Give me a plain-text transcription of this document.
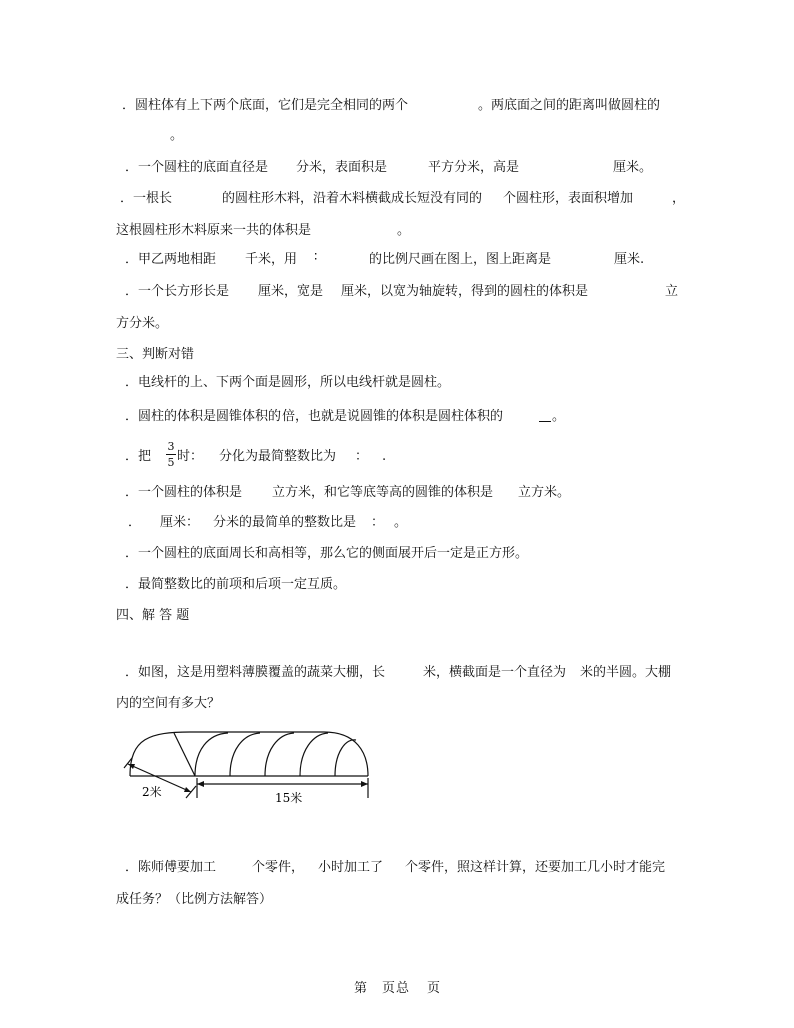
．圆柱体有上下两个底面，它们是完全相同的两个	。两底面之间的距离叫做圆柱的
。
．一个圆柱的底面直径是 分米，表面积是	平方分米，高是	厘米。
．一根长	的圆柱形木料，沿着木料横截成长短没有同的 个圆柱形，表面积增加	，
这根圆柱形木料原来一共的体积是	。
．甲乙两地相距 千米，用 ∶	的比例尺画在图上，图上距离是	厘米.
．一个长方形长是 厘米，宽是 厘米，以宽为轴旋转，得到的圆柱的体积是	立
方分米。
三、判断对错
．电线杆的上、下两个面是圆形，所以电线杆就是圆柱。
．圆柱的体积是圆锥体积的 倍，也就是说圆锥的体积是圆柱体积的	。
．把
3
5 时： 分化为最简整数比为 ： .
．一个圆柱的体积是 立方米，和它等底等高的圆锥的体积是 立方米。
． 厘米： 分米的最简单的整数比是 ： 。
．一个圆柱的底面周长和高相等，那么它的侧面展开后一定是正方形。
．最简整数比的前项和后项一定互质。
四、解 答 题
．如图，这是用塑料薄膜覆盖的蔬菜大棚，长	米，横截面是一个直径为 米的半圆。大棚
内的空间有多大？
2米	15米
．陈师傅要加工	个零件， 小时加工了 个零件，照这样计算，还要加工几小时才能完
成任务？（比例方法解答）
第 页 总 页
